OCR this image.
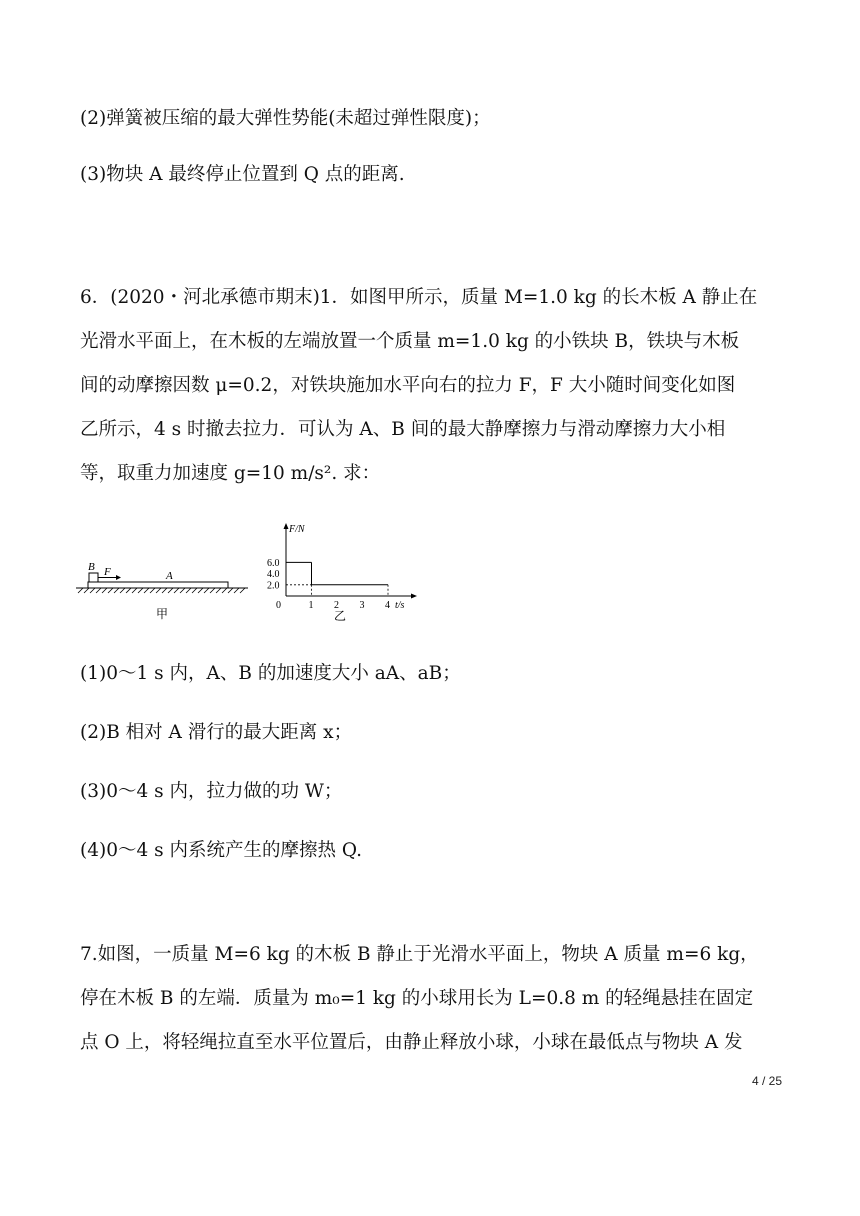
(2)弹簧被压缩的最大弹性势能(未超过弹性限度)；
(3)物块 A 最终停止位置到 Q 点的距离.
6．(2020・河北承德市期末)1．如图甲所示，质量 M=1.0 kg 的长木板 A 静止在
光滑水平面上，在木板的左端放置一个质量 m=1.0 kg 的小铁块 B，铁块与木板
间的动摩擦因数 μ=0.2，对铁块施加水平向右的拉力 F，F 大小随时间变化如图
乙所示，4 s 时撤去拉力．可认为 A、B 间的最大静摩擦力与滑动摩擦力大小相
等，取重力加速度 g=10 m/s². 求：
B F	A
甲
F/N
t/s
2.0
4.0
6.0
0	1 2 3 4
乙
(1)0～1 s 内，A、B 的加速度大小 aA、aB；
(2)B 相对 A 滑行的最大距离 x；
(3)0～4 s 内，拉力做的功 W；
(4)0～4 s 内系统产生的摩擦热 Q.
7.如图，一质量 M=6 kg 的木板 B 静止于光滑水平面上，物块 A 质量 m=6 kg，
停在木板 B 的左端．质量为 m₀=1 kg 的小球用长为 L=0.8 m 的轻绳悬挂在固定
点 O 上，将轻绳拉直至水平位置后，由静止释放小球，小球在最低点与物块 A 发
4 / 25
